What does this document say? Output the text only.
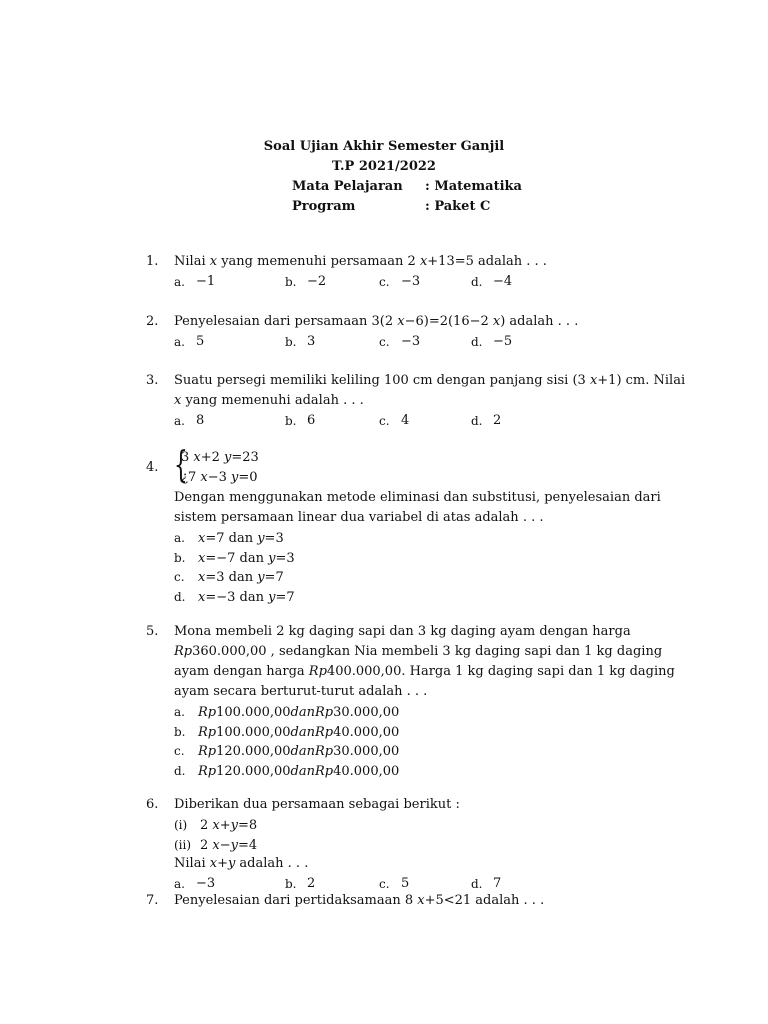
Soal Ujian Akhir Semester Ganjil
T.P 2021/2022
Mata Pelajaran : Matematika
Program	: Paket C
1. Nilai 𝑥 yang memenuhi persamaan 2 𝑥+13=5 adalah . . .
a. −1	b. −2	c. −3	d. −4
2. Penyelesaian dari persamaan 3(2 𝑥−6)=2(16−2 𝑥) adalah . . .
a. 5	b. 3	c. −3	d. −5
3. Suatu persegi memiliki keliling 100 cm dengan panjang sisi (3 𝑥+1) cm. Nilai
𝑥 yang memenuhi adalah . . .
a. 8	b. 6	c. 4	d. 2
4. {
3 𝑥+2 𝑦=23
¿7 𝑥−3 𝑦=0
Dengan menggunakan metode eliminasi dan substitusi, penyelesaian dari
sistem persamaan linear dua variabel di atas adalah . . .
a. 𝑥=7 dan 𝑦=3
b. 𝑥=−7 dan 𝑦=3
c. 𝑥=3 dan 𝑦=7
d. 𝑥=−3 dan 𝑦=7
5. Mona membeli 2 kg daging sapi dan 3 kg daging ayam dengan harga
𝑅𝑝360.000,00 , sedangkan Nia membeli 3 kg daging sapi dan 1 kg daging
ayam dengan harga 𝑅𝑝400.000,00. Harga 1 kg daging sapi dan 1 kg daging
ayam secara berturut-turut adalah . . .
a. 𝑅𝑝100.000,00𝑑𝑎𝑛𝑅𝑝30.000,00
b. 𝑅𝑝100.000,00𝑑𝑎𝑛𝑅𝑝40.000,00
c. 𝑅𝑝120.000,00𝑑𝑎𝑛𝑅𝑝30.000,00
d. 𝑅𝑝120.000,00𝑑𝑎𝑛𝑅𝑝40.000,00
6. Diberikan dua persamaan sebagai berikut :
(i) 2 𝑥+𝑦=8
(ii) 2 𝑥−𝑦=4
Nilai 𝑥+𝑦 adalah . . .
a. −3	b. 2	c. 5	d. 7
7. Penyelesaian dari pertidaksamaan 8 𝑥+5<21 adalah . . .
